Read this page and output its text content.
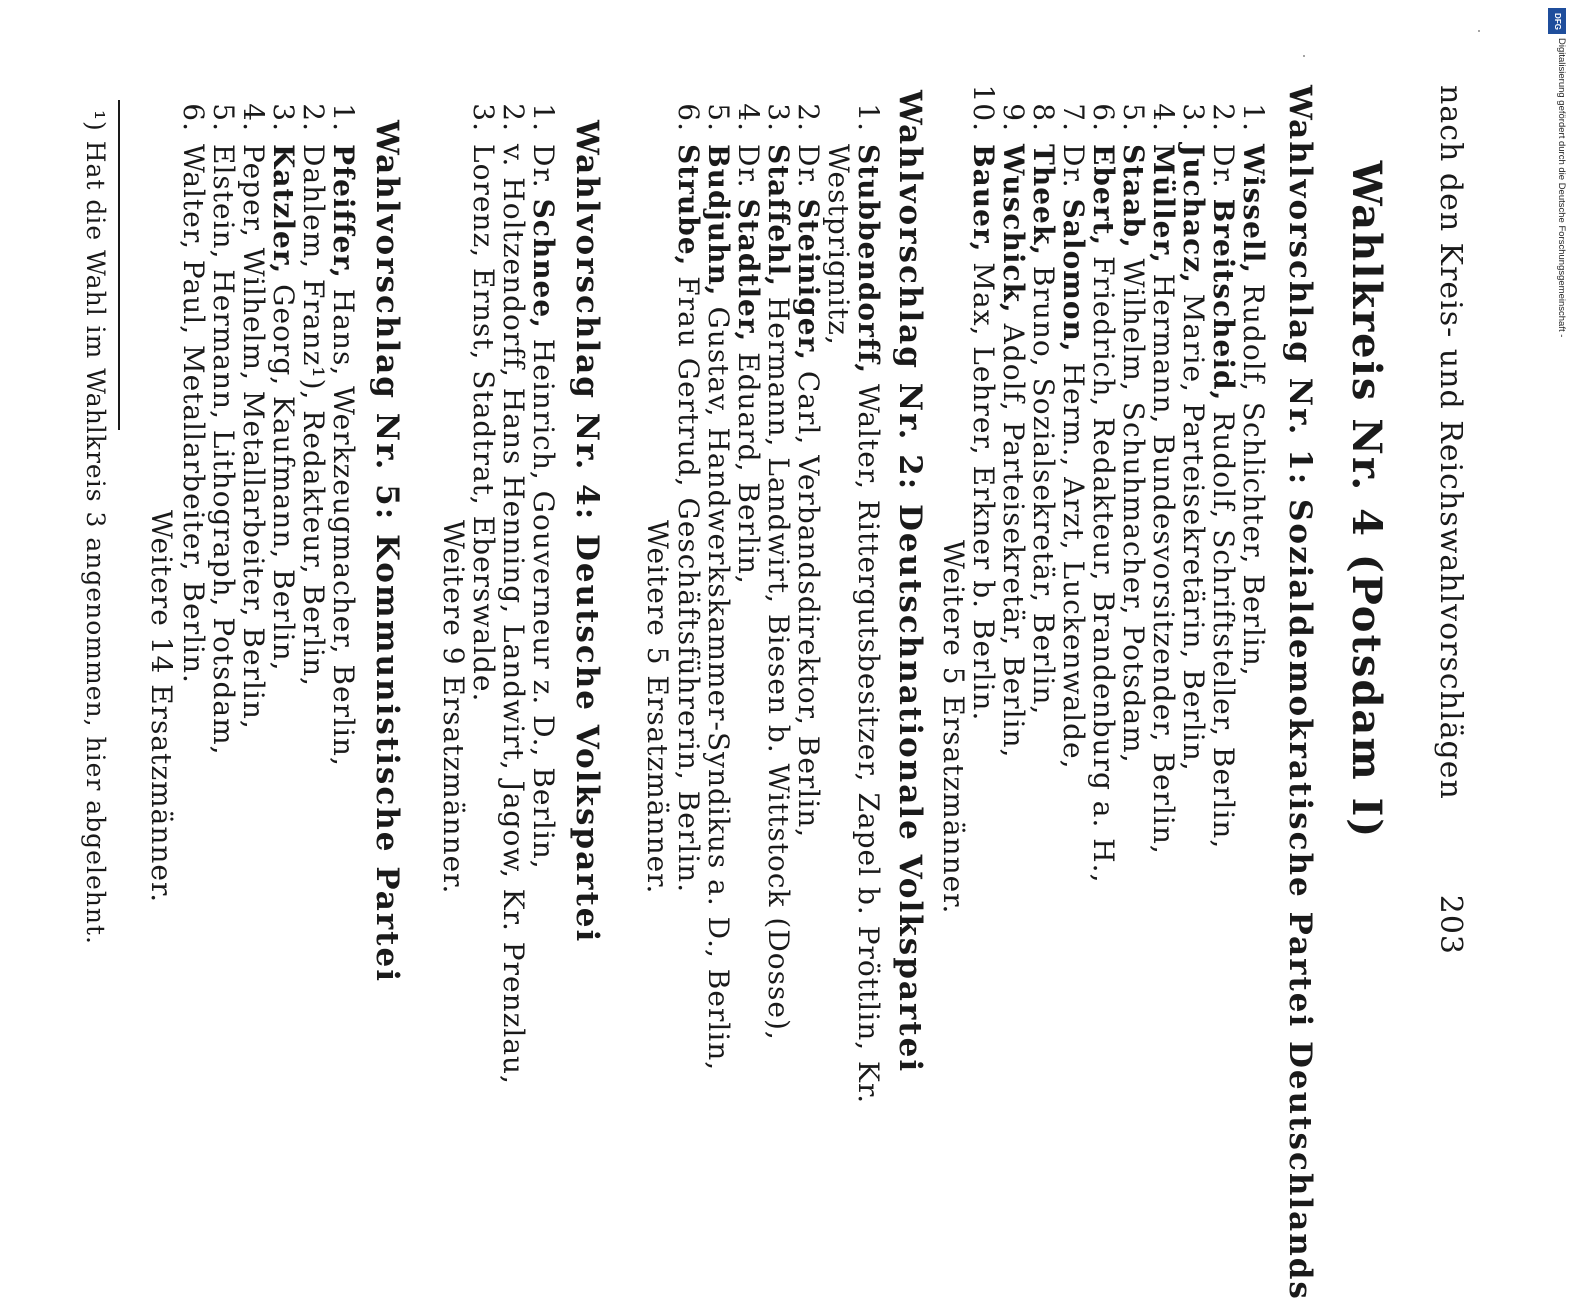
nach den Kreis- und Reichswahlvorschlägen
203
Wahlkreis Nr. 4 (Potsdam I)
Wahlvorschlag Nr. 1: Sozialdemokratische Partei Deutschlands
1.Wissell, Rudolf, Schlichter, Berlin,
2.Dr. Breitscheid, Rudolf, Schriftsteller, Berlin,
3.Juchacz, Marie, Parteisekretärin, Berlin,
4.Müller, Hermann, Bundesvorsitzender, Berlin,
5.Staab, Wilhelm, Schuhmacher, Potsdam,
6.Ebert, Friedrich, Redakteur, Brandenburg a. H.,
7.Dr. Salomon, Herm., Arzt, Luckenwalde,
8.Theek, Bruno, Sozialsekretär, Berlin,
9.Wuschick, Adolf, Parteisekretär, Berlin,
10.Bauer, Max, Lehrer, Erkner b. Berlin.
Weitere 5 Ersatzmänner.
Wahlvorschlag Nr. 2: Deutschnationale Volkspartei
1.Stubbendorff, Walter, Rittergutsbesitzer, Zapel b. Pröttlin, Kr.
Westprignitz,
2.Dr. Steiniger, Carl, Verbandsdirektor, Berlin,
3.Staffehl, Hermann, Landwirt, Biesen b. Wittstock (Dosse),
4.Dr. Stadtler, Eduard, Berlin,
5.Budjuhn, Gustav, Handwerkskammer-Syndikus a. D., Berlin,
6.Strube, Frau Gertrud, Geschäftsführerin, Berlin.
Weitere 5 Ersatzmänner.
Wahlvorschlag Nr. 4: Deutsche Volkspartei
1.Dr. Schnee, Heinrich, Gouverneur z. D., Berlin,
2.v. Holtzendorff, Hans Henning, Landwirt, Jagow, Kr. Prenzlau,
3.Lorenz, Ernst, Stadtrat, Eberswalde.
Weitere 9 Ersatzmänner.
Wahlvorschlag Nr. 5: Kommunistische Partei
1.Pfeiffer, Hans, Werkzeugmacher, Berlin,
2.Dahlem, Franz¹), Redakteur, Berlin,
3.Katzler, Georg, Kaufmann, Berlin,
4.Peper, Wilhelm, Metallarbeiter, Berlin,
5.Elstein, Hermann, Lithograph, Potsdam,
6.Walter, Paul, Metallarbeiter, Berlin.
Weitere 14 Ersatzmänner.
¹) Hat die Wahl im Wahlkreis 3 angenommen, hier abgelehnt.
DFG
Digitalisierung gefördert durch die Deutsche Forschungsgemeinschaft -
